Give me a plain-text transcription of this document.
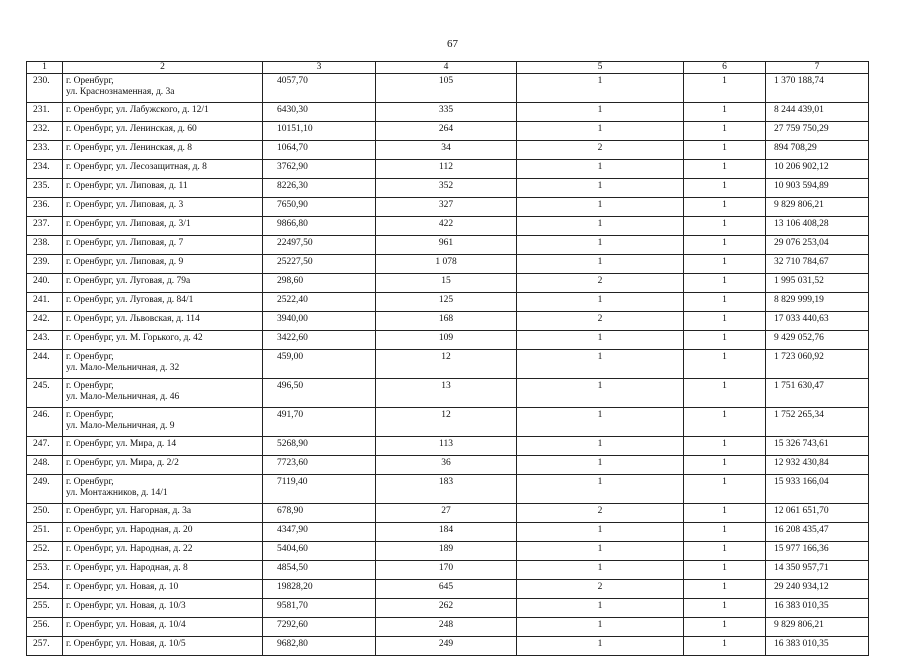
67
1	2	3	4	5	6	7
230.	г. Оренбург,
ул. Краснознаменная, д. 3а	4057,70	105	1	1	1 370 188,74
231.	г. Оренбург, ул. Лабужского, д. 12/1	6430,30	335	1	1	8 244 439,01
232.	г. Оренбург, ул. Ленинская, д. 60	10151,10	264	1	1	27 759 750,29
233.	г. Оренбург, ул. Ленинская, д. 8	1064,70	34	2	1	894 708,29
234.	г. Оренбург, ул. Лесозащитная, д. 8	3762,90	112	1	1	10 206 902,12
235.	г. Оренбург, ул. Липовая, д. 11	8226,30	352	1	1	10 903 594,89
236.	г. Оренбург, ул. Липовая, д. 3	7650,90	327	1	1	9 829 806,21
237.	г. Оренбург, ул. Липовая, д. 3/1	9866,80	422	1	1	13 106 408,28
238.	г. Оренбург, ул. Липовая, д. 7	22497,50	961	1	1	29 076 253,04
239.	г. Оренбург, ул. Липовая, д. 9	25227,50	1 078	1	1	32 710 784,67
240.	г. Оренбург, ул. Луговая, д. 79а	298,60	15	2	1	1 995 031,52
241.	г. Оренбург, ул. Луговая, д. 84/1	2522,40	125	1	1	8 829 999,19
242.	г. Оренбург, ул. Львовская, д. 114	3940,00	168	2	1	17 033 440,63
243.	г. Оренбург, ул. М. Горького, д. 42	3422,60	109	1	1	9 429 052,76
244.	г. Оренбург,
ул. Мало-Мельничная, д. 32	459,00	12	1	1	1 723 060,92
245.	г. Оренбург,
ул. Мало-Мельничная, д. 46	496,50	13	1	1	1 751 630,47
246.	г. Оренбург,
ул. Мало-Мельничная, д. 9	491,70	12	1	1	1 752 265,34
247.	г. Оренбург, ул. Мира, д. 14	5268,90	113	1	1	15 326 743,61
248.	г. Оренбург, ул. Мира, д. 2/2	7723,60	36	1	1	12 932 430,84
249.	г. Оренбург,
ул. Монтажников, д. 14/1	7119,40	183	1	1	15 933 166,04
250.	г. Оренбург, ул. Нагорная, д. 3а	678,90	27	2	1	12 061 651,70
251.	г. Оренбург, ул. Народная, д. 20	4347,90	184	1	1	16 208 435,47
252.	г. Оренбург, ул. Народная, д. 22	5404,60	189	1	1	15 977 166,36
253.	г. Оренбург, ул. Народная, д. 8	4854,50	170	1	1	14 350 957,71
254.	г. Оренбург, ул. Новая, д. 10	19828,20	645	2	1	29 240 934,12
255.	г. Оренбург, ул. Новая, д. 10/3	9581,70	262	1	1	16 383 010,35
256.	г. Оренбург, ул. Новая, д. 10/4	7292,60	248	1	1	9 829 806,21
257.	г. Оренбург, ул. Новая, д. 10/5	9682,80	249	1	1	16 383 010,35
